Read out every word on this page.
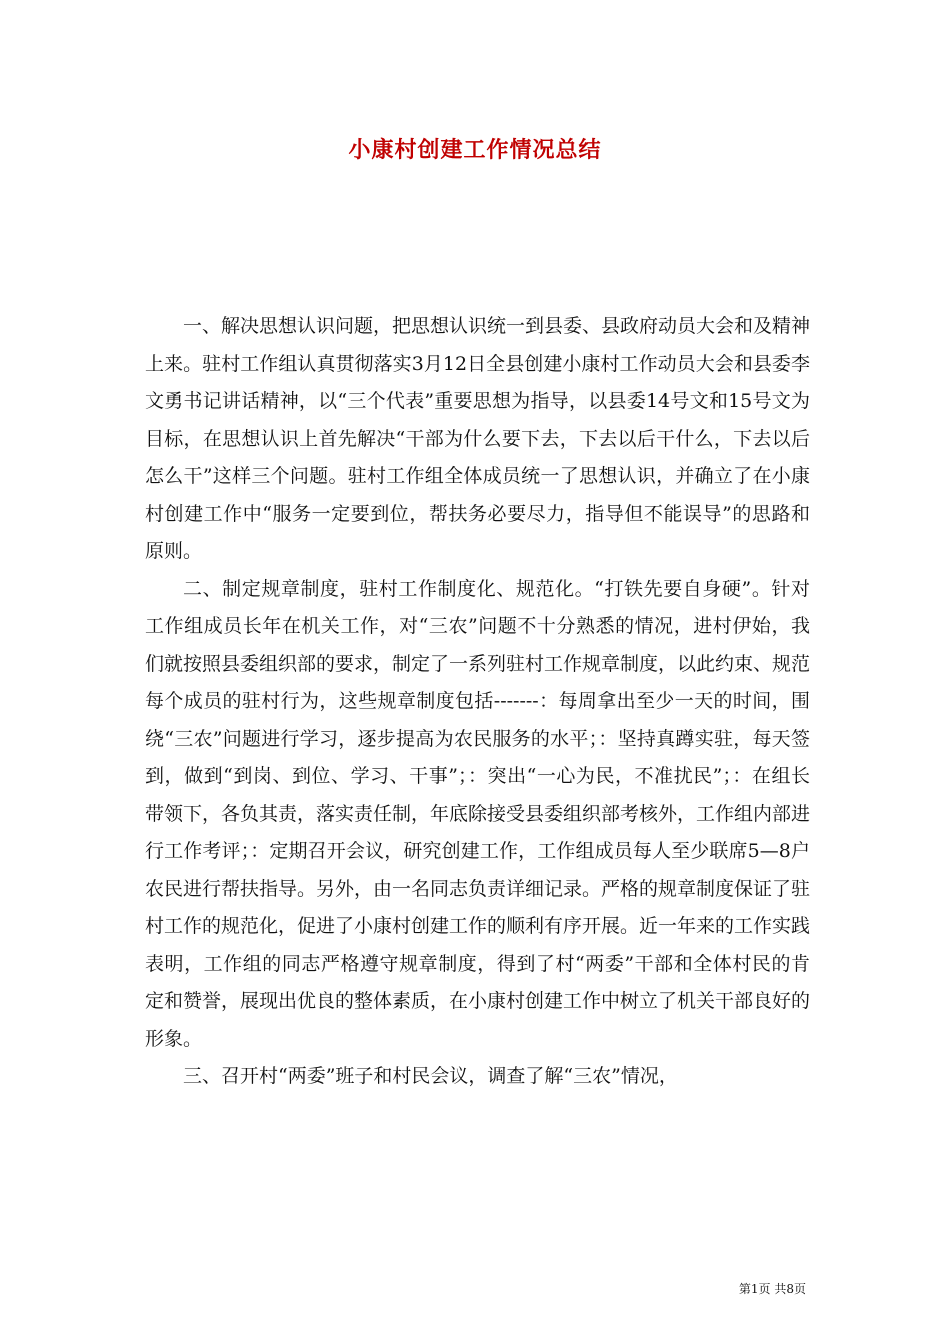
小康村创建工作情况总结

一、解决思想认识问题，把思想认识统一到县委、县政府动员大会和及精神上来。驻村工作组认真贯彻落实3月12日全县创建小康村工作动员大会和县委李文勇书记讲话精神，以“三个代表”重要思想为指导，以县委14号文和15号文为目标，在思想认识上首先解决“干部为什么要下去，下去以后干什么，下去以后怎么干”这样三个问题。驻村工作组全体成员统一了思想认识，并确立了在小康村创建工作中“服务一定要到位，帮扶务必要尽力，指导但不能误导”的思路和原则。

二、制定规章制度，驻村工作制度化、规范化。“打铁先要自身硬”。针对工作组成员长年在机关工作，对“三农”问题不十分熟悉的情况，进村伊始，我们就按照县委组织部的要求，制定了一系列驻村工作规章制度，以此约束、规范每个成员的驻村行为，这些规章制度包括-------：每周拿出至少一天的时间，围绕“三农”问题进行学习，逐步提高为农民服务的水平；：坚持真蹲实驻，每天签到，做到“到岗、到位、学习、干事”；：突出“一心为民，不准扰民”；：在组长带领下，各负其责，落实责任制，年底除接受县委组织部考核外，工作组内部进行工作考评；：定期召开会议，研究创建工作，工作组成员每人至少联席5—8户农民进行帮扶指导。另外，由一名同志负责详细记录。严格的规章制度保证了驻村工作的规范化，促进了小康村创建工作的顺利有序开展。近一年来的工作实践表明，工作组的同志严格遵守规章制度，得到了村“两委”干部和全体村民的肯定和赞誉，展现出优良的整体素质，在小康村创建工作中树立了机关干部良好的形象。

三、召开村“两委”班子和村民会议，调查了解“三农”情况，

第1页 共8页
